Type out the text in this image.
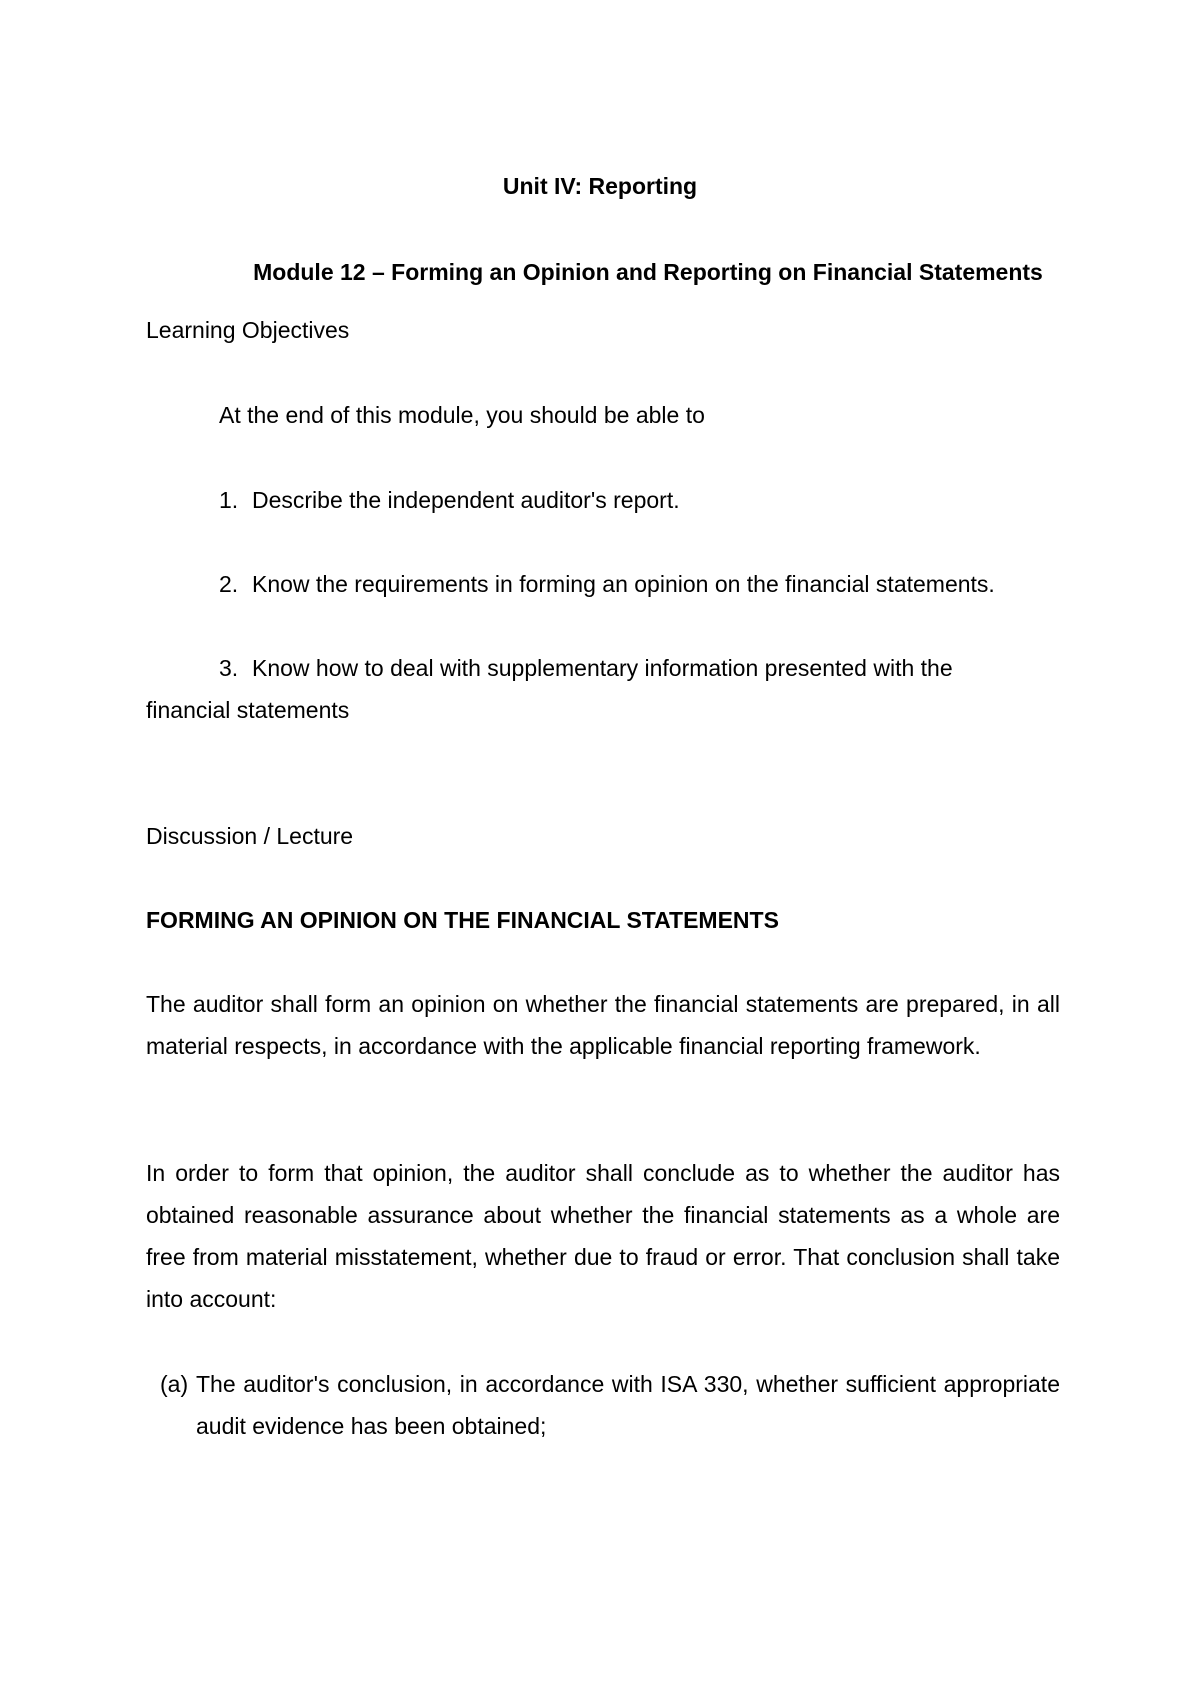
Unit IV: Reporting
Module 12 – Forming an Opinion and Reporting on Financial Statements
Learning Objectives
At the end of this module, you should be able to
1. Describe the independent auditor's report.
2. Know the requirements in forming an opinion on the financial statements.
3. Know how to deal with supplementary information presented with the
financial statements
Discussion / Lecture
FORMING AN OPINION ON THE FINANCIAL STATEMENTS
The auditor shall form an opinion on whether the financial statements are prepared, in all material respects, in accordance with the applicable financial reporting framework.
In order to form that opinion, the auditor shall conclude as to whether the auditor has obtained reasonable assurance about whether the financial statements as a whole are free from material misstatement, whether due to fraud or error. That conclusion shall take into account:
(a) The auditor's conclusion, in accordance with ISA 330, whether sufficient appropriate audit evidence has been obtained;
